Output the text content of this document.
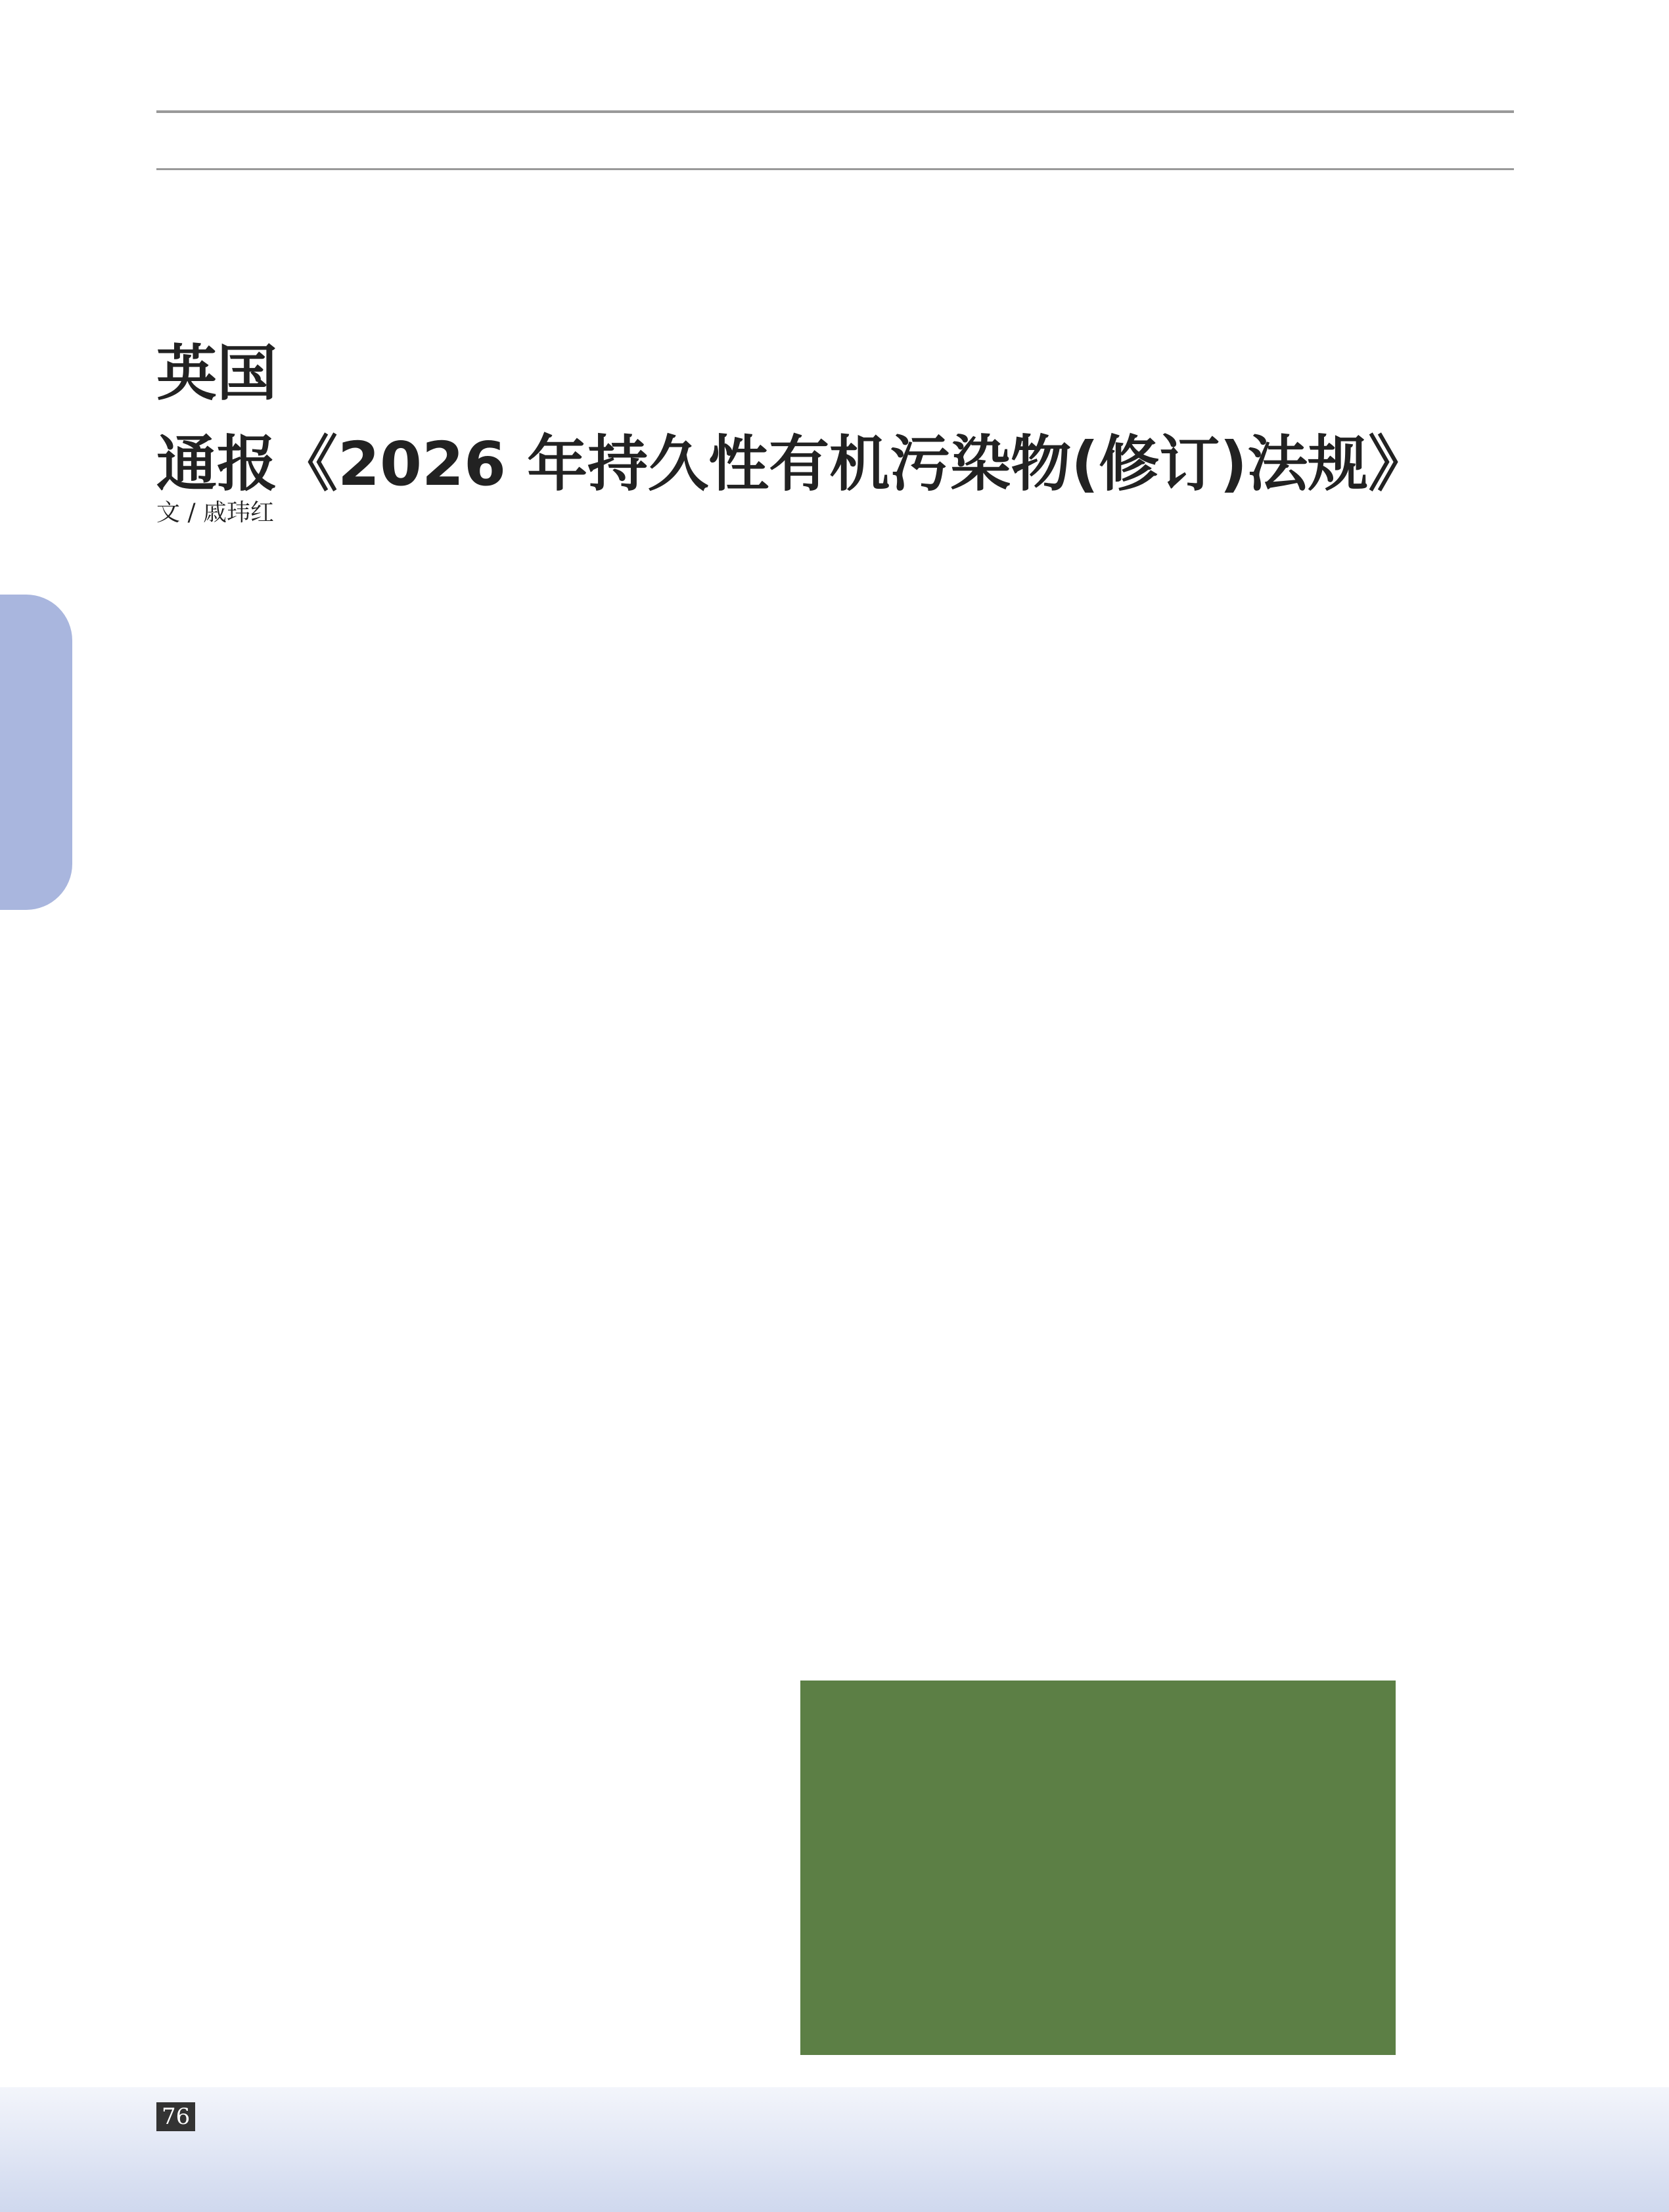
英国
通报《2026 年持久性有机污染物(修订)法规》
文 / 戚玮红
76
